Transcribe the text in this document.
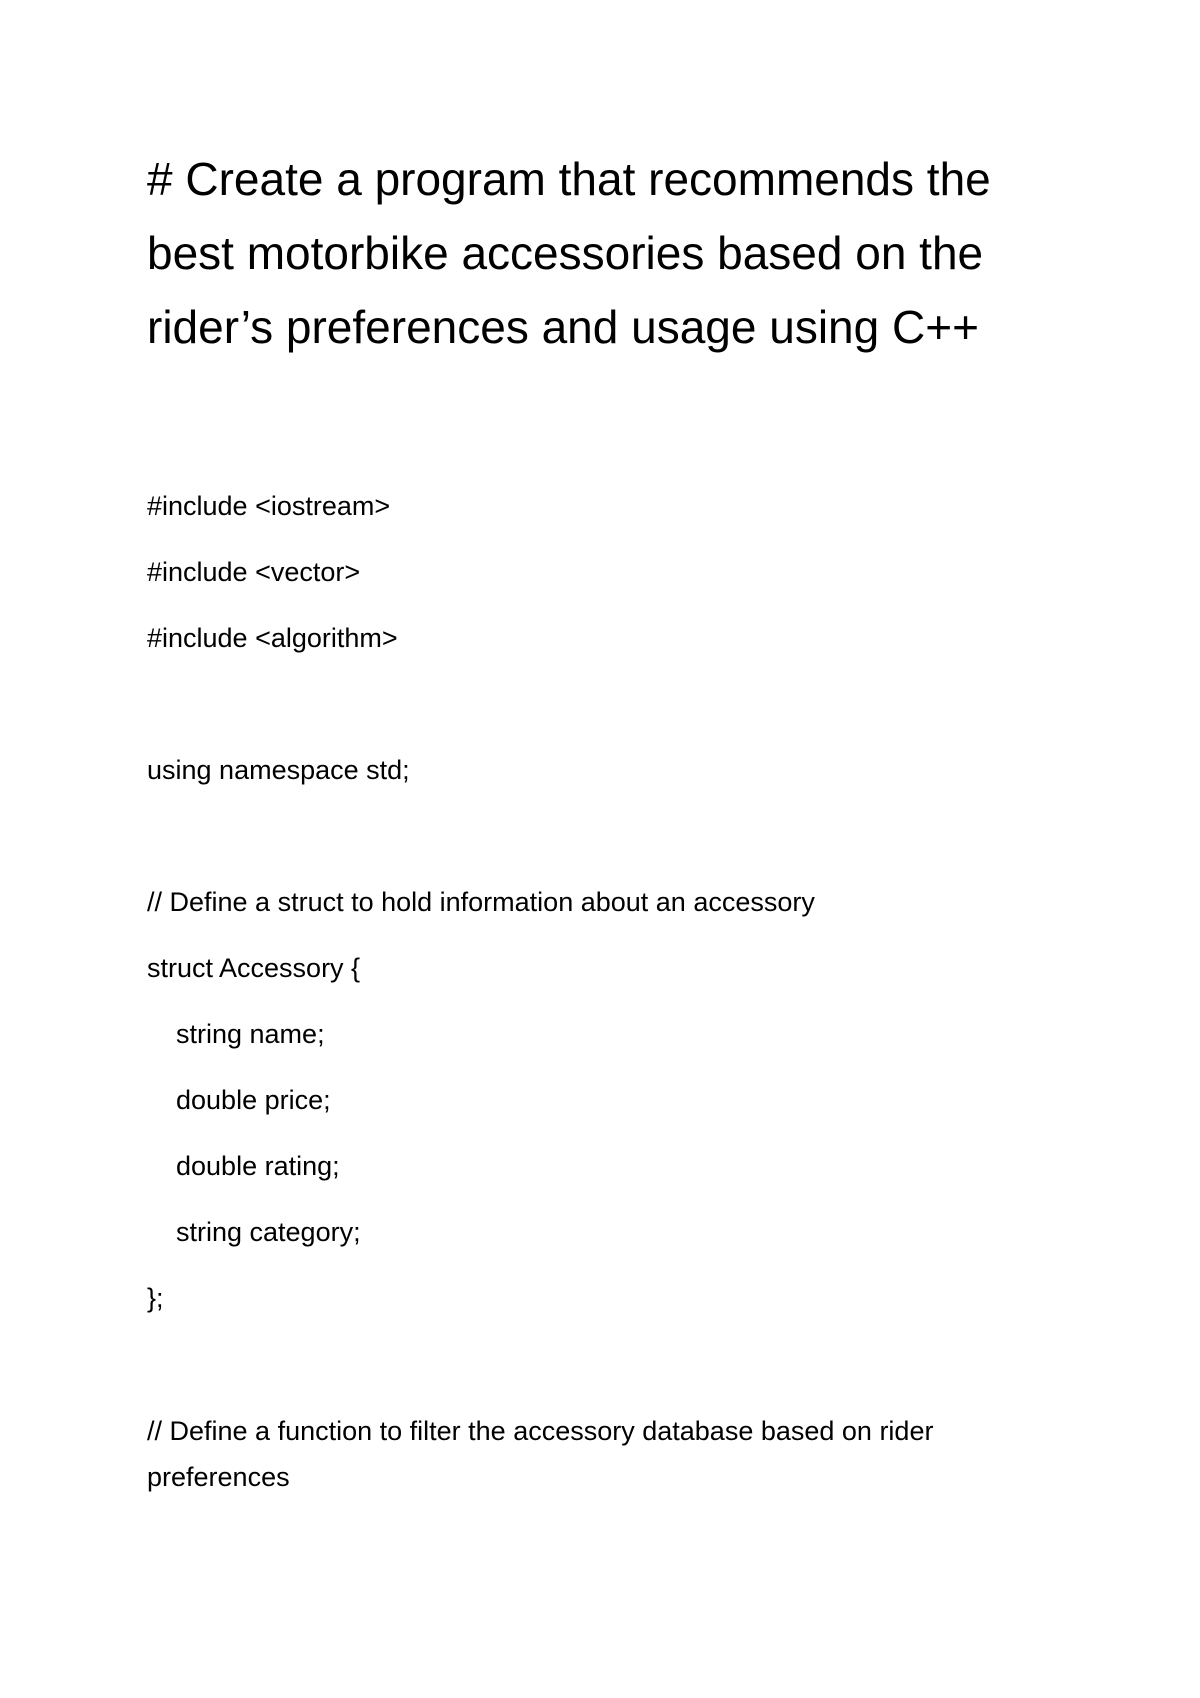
# Create a program that recommends the
best motorbike accessories based on the
rider’s preferences and usage using C++
#include <iostream>
#include <vector>
#include <algorithm>
using namespace std;
// Define a struct to hold information about an accessory
struct Accessory {
string name;
double price;
double rating;
string category;
};
// Define a function to filter the accessory database based on rider preferences
